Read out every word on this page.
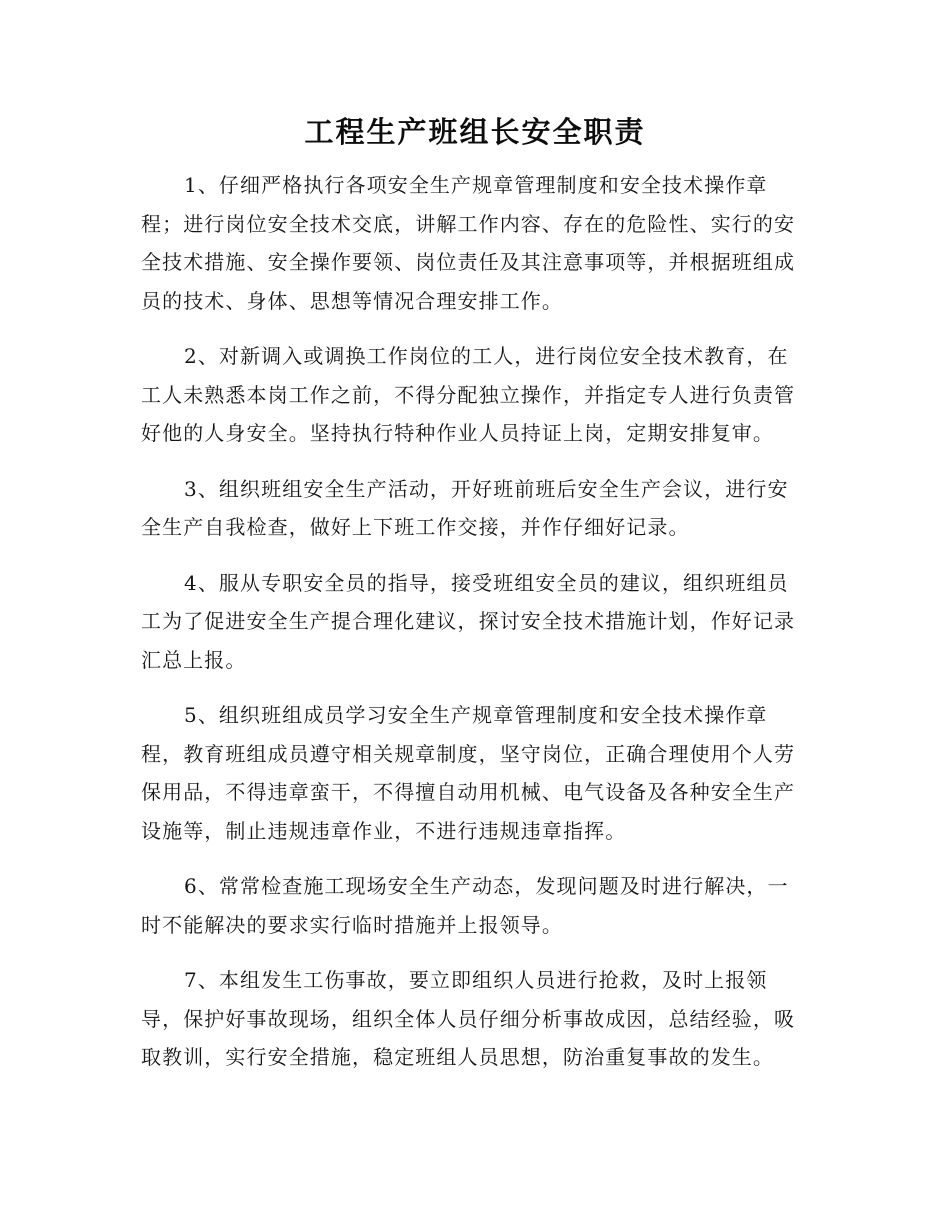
工程生产班组长安全职责

1、仔细严格执行各项安全生产规章管理制度和安全技术操作章程；进行岗位安全技术交底，讲解工作内容、存在的危险性、实行的安全技术措施、安全操作要领、岗位责任及其注意事项等，并根据班组成员的技术、身体、思想等情况合理安排工作。

2、对新调入或调换工作岗位的工人，进行岗位安全技术教育，在工人未熟悉本岗工作之前，不得分配独立操作，并指定专人进行负责管好他的人身安全。坚持执行特种作业人员持证上岗，定期安排复审。

3、组织班组安全生产活动，开好班前班后安全生产会议，进行安全生产自我检查，做好上下班工作交接，并作仔细好记录。

4、服从专职安全员的指导，接受班组安全员的建议，组织班组员工为了促进安全生产提合理化建议，探讨安全技术措施计划，作好记录汇总上报。

5、组织班组成员学习安全生产规章管理制度和安全技术操作章程，教育班组成员遵守相关规章制度，坚守岗位，正确合理使用个人劳保用品，不得违章蛮干，不得擅自动用机械、电气设备及各种安全生产设施等，制止违规违章作业，不进行违规违章指挥。

6、常常检查施工现场安全生产动态，发现问题及时进行解决，一时不能解决的要求实行临时措施并上报领导。

7、本组发生工伤事故，要立即组织人员进行抢救，及时上报领导，保护好事故现场，组织全体人员仔细分析事故成因，总结经验，吸取教训，实行安全措施，稳定班组人员思想，防治重复事故的发生。
